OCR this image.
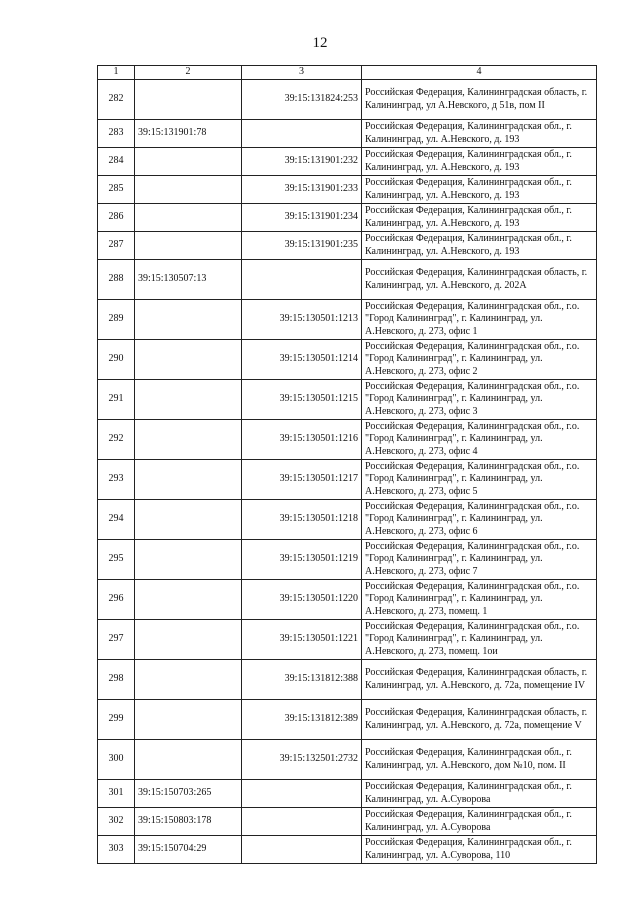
12
1	2	3	4
282		39:15:131824:253	Российская Федерация, Калининградская область, г. Калининград, ул А.Невского, д 51в, пом II
283	39:15:131901:78		Российская Федерация, Калининградская обл., г. Калининград, ул. А.Невского, д. 193
284		39:15:131901:232	Российская Федерация, Калининградская обл., г. Калининград, ул. А.Невского, д. 193
285		39:15:131901:233	Российская Федерация, Калининградская обл., г. Калининград, ул. А.Невского, д. 193
286		39:15:131901:234	Российская Федерация, Калининградская обл., г. Калининград, ул. А.Невского, д. 193
287		39:15:131901:235	Российская Федерация, Калининградская обл., г. Калининград, ул. А.Невского, д. 193
288	39:15:130507:13		Российская Федерация, Калининградская область, г. Калининград, ул. А.Невского, д. 202А
289		39:15:130501:1213	Российская Федерация, Калининградская обл., г.о. "Город Калининград", г. Калининград, ул. А.Невского, д. 273, офис 1
290		39:15:130501:1214	Российская Федерация, Калининградская обл., г.о. "Город Калининград", г. Калининград, ул. А.Невского, д. 273, офис 2
291		39:15:130501:1215	Российская Федерация, Калининградская обл., г.о. "Город Калининград", г. Калининград, ул. А.Невского, д. 273, офис 3
292		39:15:130501:1216	Российская Федерация, Калининградская обл., г.о. "Город Калининград", г. Калининград, ул. А.Невского, д. 273, офис 4
293		39:15:130501:1217	Российская Федерация, Калининградская обл., г.о. "Город Калининград", г. Калининград, ул. А.Невского, д. 273, офис 5
294		39:15:130501:1218	Российская Федерация, Калининградская обл., г.о. "Город Калининград", г. Калининград, ул. А.Невского, д. 273, офис 6
295		39:15:130501:1219	Российская Федерация, Калининградская обл., г.о. "Город Калининград", г. Калининград, ул. А.Невского, д. 273, офис 7
296		39:15:130501:1220	Российская Федерация, Калининградская обл., г.о. "Город Калининград", г. Калининград, ул. А.Невского, д. 273, помещ. 1
297		39:15:130501:1221	Российская Федерация, Калининградская обл., г.о. "Город Калининград", г. Калининград, ул. А.Невского, д. 273, помещ. 1ои
298		39:15:131812:388	Российская Федерация, Калининградская область, г. Калининград, ул. А.Невского, д. 72а, помещение IV
299		39:15:131812:389	Российская Федерация, Калининградская область, г. Калининград, ул. А.Невского, д. 72а, помещение V
300		39:15:132501:2732	Российская Федерация, Калининградская обл., г. Калининград, ул. А.Невского, дом №10, пом. II
301	39:15:150703:265		Российская Федерация, Калининградская обл., г. Калининград, ул. А.Суворова
302	39:15:150803:178		Российская Федерация, Калининградская обл., г. Калининград, ул. А.Суворова
303	39:15:150704:29		Российская Федерация, Калининградская обл., г. Калининград, ул. А.Суворова, 110
